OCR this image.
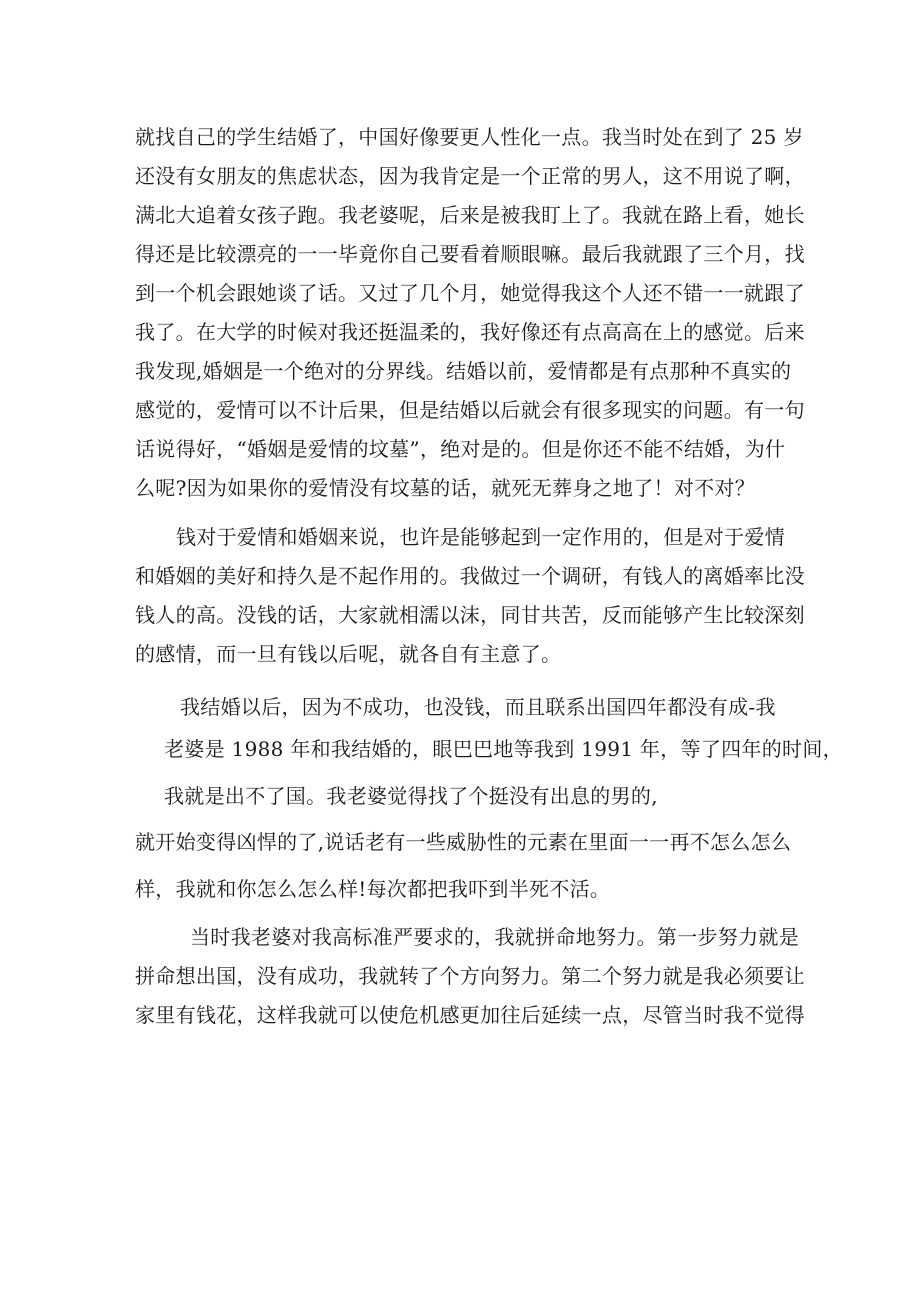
就找自己的学生结婚了，中国好像要更人性化一点。我当时处在到了 25 岁
还没有女朋友的焦虑状态，因为我肯定是一个正常的男人，这不用说了啊，
满北大追着女孩子跑。我老婆呢，后来是被我盯上了。我就在路上看，她长
得还是比较漂亮的一一毕竟你自己要看着顺眼嘛。最后我就跟了三个月，找
到一个机会跟她谈了话。又过了几个月，她觉得我这个人还不错一一就跟了
我了。在大学的时候对我还挺温柔的，我好像还有点高高在上的感觉。后来
我发现,婚姻是一个绝对的分界线。结婚以前，爱情都是有点那种不真实的
感觉的，爱情可以不计后果，但是结婚以后就会有很多现实的问题。有一句
话说得好，“婚姻是爱情的坟墓”，绝对是的。但是你还不能不结婚，为什
么呢?因为如果你的爱情没有坟墓的话，就死无葬身之地了！对不对？
钱对于爱情和婚姻来说，也许是能够起到一定作用的，但是对于爱情
和婚姻的美好和持久是不起作用的。我做过一个调研，有钱人的离婚率比没
钱人的高。没钱的话，大家就相濡以沫，同甘共苦，反而能够产生比较深刻
的感情，而一旦有钱以后呢，就各自有主意了。
我结婚以后，因为不成功，也没钱，而且联系出国四年都没有成-我
老婆是 1988 年和我结婚的，眼巴巴地等我到 1991 年，等了四年的时间，
我就是出不了国。我老婆觉得找了个挺没有出息的男的,
就开始变得凶悍的了,说话老有一些威胁性的元素在里面一一再不怎么怎么
样，我就和你怎么怎么样!每次都把我吓到半死不活。
当时我老婆对我高标准严要求的，我就拼命地努力。第一步努力就是
拼命想出国，没有成功，我就转了个方向努力。第二个努力就是我必须要让
家里有钱花，这样我就可以使危机感更加往后延续一点，尽管当时我不觉得
